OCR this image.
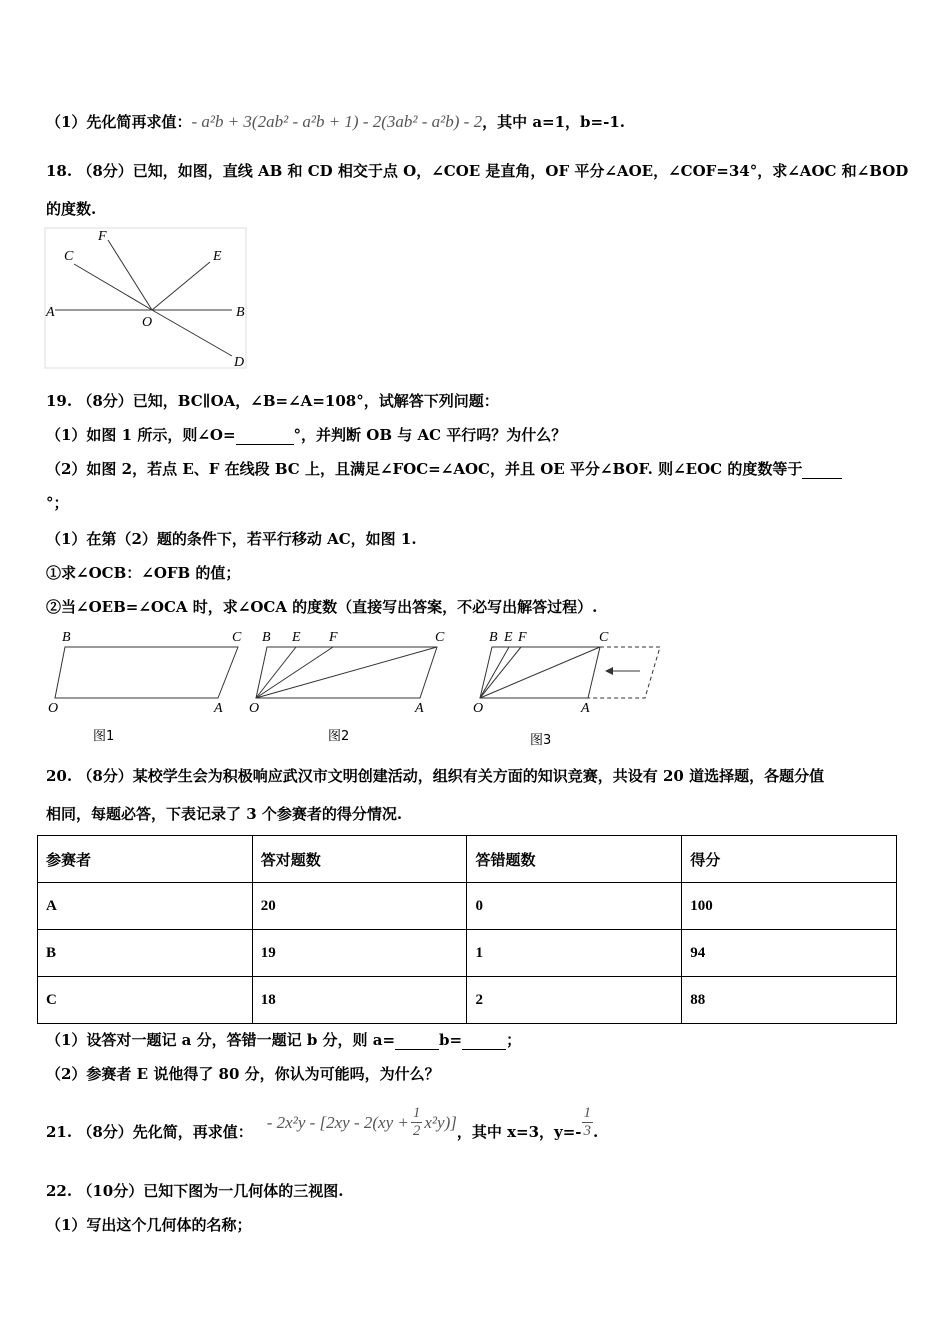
（1）先化简再求值：- a²b + 3(2ab² - a²b + 1) - 2(3ab² - a²b) - 2，其中 a=1，b=-1.
18. （8分）已知，如图，直线 AB 和 CD 相交于点 O，∠COE 是直角，OF 平分∠AOE，∠COF=34°，求∠AOC 和∠BOD
的度数.
A	B
C
D
E
F
O
B	C
O	A
B E F	C
O	A
B E F	C
O	A
19. （8分）已知，BC∥OA，∠B=∠A=108°，试解答下列问题：
（1）如图 1 所示，则∠O=	°，并判断 OB 与 AC 平行吗？为什么？
（2）如图 2，若点 E、F 在线段 BC 上，且满足∠FOC=∠AOC，并且 OE 平分∠BOF. 则∠EOC 的度数等于
°；
（1）在第（2）题的条件下，若平行移动 AC，如图 1.
①求∠OCB：∠OFB 的值；
②当∠OEB=∠OCA 时，求∠OCA 的度数（直接写出答案，不必写出解答过程）.
图1	图2	图3
20. （8分）某校学生会为积极响应武汉市文明创建活动，组织有关方面的知识竞赛，共设有 20 道选择题，各题分值
相同，每题必答，下表记录了 3 个参赛者的得分情况.
参赛者	答对题数	答错题数	得分
A	20	0	100
B	19	1	94
C	18	2	88
（1）设答对一题记 a 分，答错一题记 b 分，则 a=	b=	；
（2）参赛者 E 说他得了 80 分，你认为可能吗，为什么？
21. （8分）先化简，再求值：
- $2x^2y - [2xy - 2(xy + \frac{1}{2} x^2y)]$
，其中 x=3，y=-
1
3 .
22. （10分）已知下图为一几何体的三视图.
（1）写出这个几何体的名称；
